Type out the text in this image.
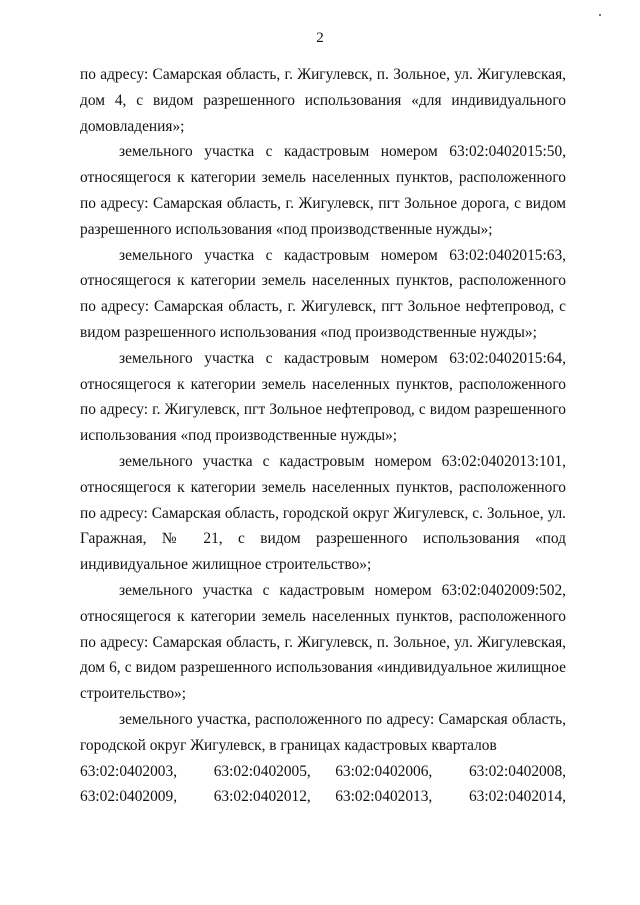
2

по адресу: Самарская область, г. Жигулевск, п. Зольное, ул. Жигулевская, дом 4, с видом разрешенного использования «для индивидуального домовладения»;

земельного участка с кадастровым номером 63:02:0402015:50, относящегося к категории земель населенных пунктов, расположенного по адресу: Самарская область, г. Жигулевск, пгт Зольное дорога, с видом разрешенного использования «под производственные нужды»;

земельного участка с кадастровым номером 63:02:0402015:63, относящегося к категории земель населенных пунктов, расположенного по адресу: Самарская область, г. Жигулевск, пгт Зольное нефтепровод, с видом разрешенного использования «под производственные нужды»;

земельного участка с кадастровым номером 63:02:0402015:64, относящегося к категории земель населенных пунктов, расположенного по адресу: г. Жигулевск, пгт Зольное нефтепровод, с видом разрешенного использования «под производственные нужды»;

земельного участка с кадастровым номером 63:02:0402013:101, относящегося к категории земель населенных пунктов, расположенного по адресу: Самарская область, городской округ Жигулевск, с. Зольное, ул. Гаражная, № 21, с видом разрешенного использования «под индивидуальное жилищное строительство»;

земельного участка с кадастровым номером 63:02:0402009:502, относящегося к категории земель населенных пунктов, расположенного по адресу: Самарская область, г. Жигулевск, п. Зольное, ул. Жигулевская, дом 6, с видом разрешенного использования «индивидуальное жилищное строительство»;

земельного участка, расположенного по адресу: Самарская область, городской округ Жигулевск, в границах кадастровых кварталов

63:02:0402003,	63:02:0402005,	63:02:0402006,	63:02:0402008,
63:02:0402009,	63:02:0402012,	63:02:0402013,	63:02:0402014,
